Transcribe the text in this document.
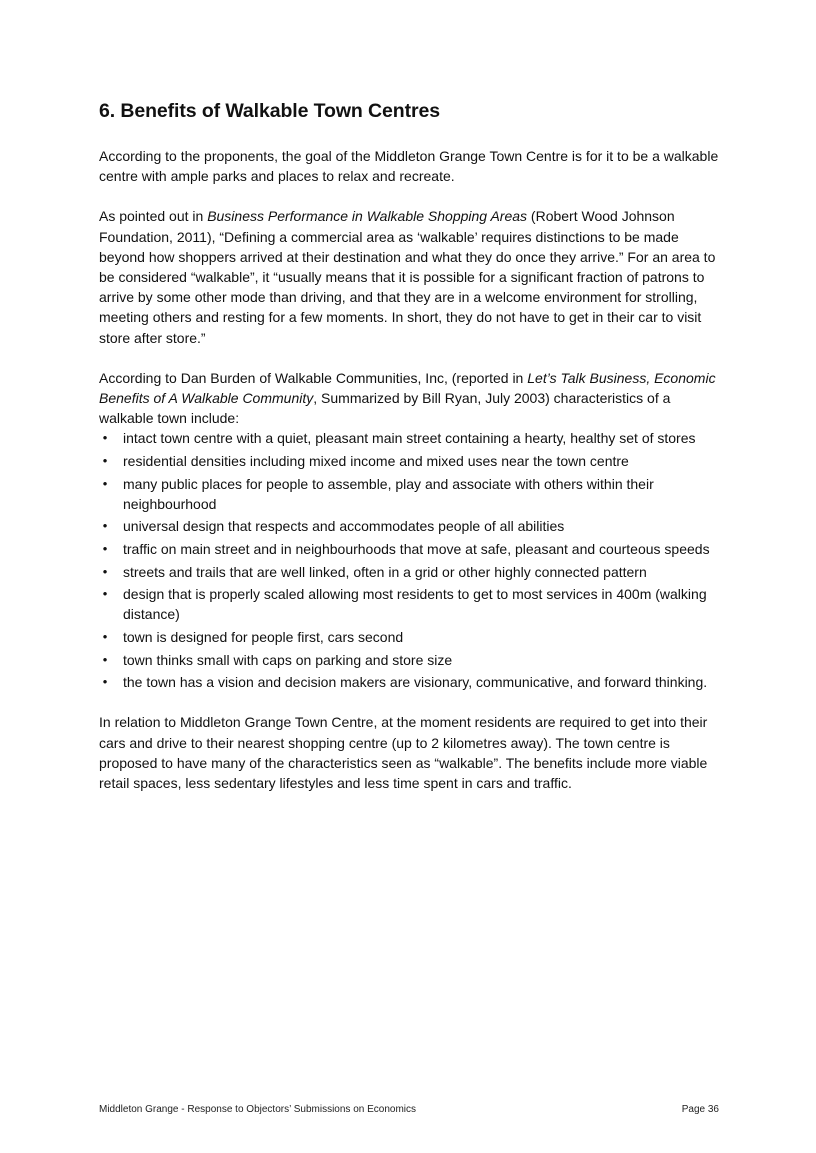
6. Benefits of Walkable Town Centres

According to the proponents, the goal of the Middleton Grange Town Centre is for it to be a walkable centre with ample parks and places to relax and recreate.

As pointed out in Business Performance in Walkable Shopping Areas (Robert Wood Johnson Foundation, 2011), “Defining a commercial area as ‘walkable’ requires distinctions to be made beyond how shoppers arrived at their destination and what they do once they arrive.” For an area to be considered “walkable”, it “usually means that it is possible for a significant fraction of patrons to arrive by some other mode than driving, and that they are in a welcome environment for strolling, meeting others and resting for a few moments. In short, they do not have to get in their car to visit store after store.”

According to Dan Burden of Walkable Communities, Inc, (reported in Let’s Talk Business, Economic Benefits of A Walkable Community, Summarized by Bill Ryan, July 2003) characteristics of a walkable town include:

• intact town centre with a quiet, pleasant main street containing a hearty, healthy set of stores
• residential densities including mixed income and mixed uses near the town centre
• many public places for people to assemble, play and associate with others within their neighbourhood
• universal design that respects and accommodates people of all abilities
• traffic on main street and in neighbourhoods that move at safe, pleasant and courteous speeds
• streets and trails that are well linked, often in a grid or other highly connected pattern
• design that is properly scaled allowing most residents to get to most services in 400m (walking distance)
• town is designed for people first, cars second
• town thinks small with caps on parking and store size
• the town has a vision and decision makers are visionary, communicative, and forward thinking.

In relation to Middleton Grange Town Centre, at the moment residents are required to get into their cars and drive to their nearest shopping centre (up to 2 kilometres away). The town centre is proposed to have many of the characteristics seen as “walkable”. The benefits include more viable retail spaces, less sedentary lifestyles and less time spent in cars and traffic.

Middleton Grange - Response to Objectors’ Submissions on Economics	Page 36
